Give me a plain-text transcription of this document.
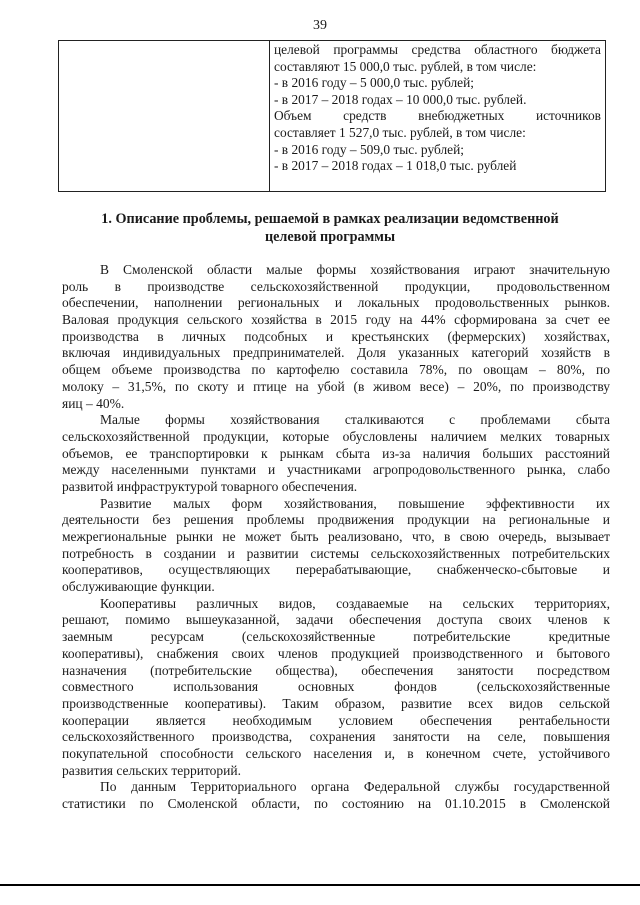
39

целевой программы средства областного бюджета
составляют 15 000,0 тыс. рублей, в том числе:
- в 2016 году – 5 000,0 тыс. рублей;
- в 2017 – 2018 годах – 10 000,0 тыс. рублей.
Объем средств внебюджетных источников
составляет 1 527,0 тыс. рублей, в том числе:
- в 2016 году – 509,0 тыс. рублей;
- в 2017 – 2018 годах – 1 018,0 тыс. рублей
1. Описание проблемы, решаемой в рамках реализации ведомственной
целевой программы
В Смоленской области малые формы хозяйствования играют значительную
роль в производстве сельскохозяйственной продукции, продовольственном
обеспечении, наполнении региональных и локальных продовольственных рынков.
Валовая продукция сельского хозяйства в 2015 году на 44% сформирована за счет ее
производства в личных подсобных и крестьянских (фермерских) хозяйствах,
включая индивидуальных предпринимателей. Доля указанных категорий хозяйств в
общем объеме производства по картофелю составила 78%, по овощам – 80%, по
молоку – 31,5%, по скоту и птице на убой (в живом весе) – 20%, по производству
яиц – 40%.
Малые формы хозяйствования сталкиваются с проблемами сбыта
сельскохозяйственной продукции, которые обусловлены наличием мелких товарных
объемов, ее транспортировки к рынкам сбыта из-за наличия больших расстояний
между населенными пунктами и участниками агропродовольственного рынка, слабо
развитой инфраструктурой товарного обеспечения.
Развитие малых форм хозяйствования, повышение эффективности их
деятельности без решения проблемы продвижения продукции на региональные и
межрегиональные рынки не может быть реализовано, что, в свою очередь, вызывает
потребность в создании и развитии системы сельскохозяйственных потребительских
кооперативов, осуществляющих перерабатывающие, снабженческо-сбытовые и
обслуживающие функции.
Кооперативы различных видов, создаваемые на сельских территориях,
решают, помимо вышеуказанной, задачи обеспечения доступа своих членов к
заемным ресурсам (сельскохозяйственные потребительские кредитные
кооперативы), снабжения своих членов продукцией производственного и бытового
назначения (потребительские общества), обеспечения занятости посредством
совместного использования основных фондов (сельскохозяйственные
производственные кооперативы). Таким образом, развитие всех видов сельской
кооперации является необходимым условием обеспечения рентабельности
сельскохозяйственного производства, сохранения занятости на селе, повышения
покупательной способности сельского населения и, в конечном счете, устойчивого
развития сельских территорий.
По данным Территориального органа Федеральной службы государственной
статистики по Смоленской области, по состоянию на 01.10.2015 в Смоленской
